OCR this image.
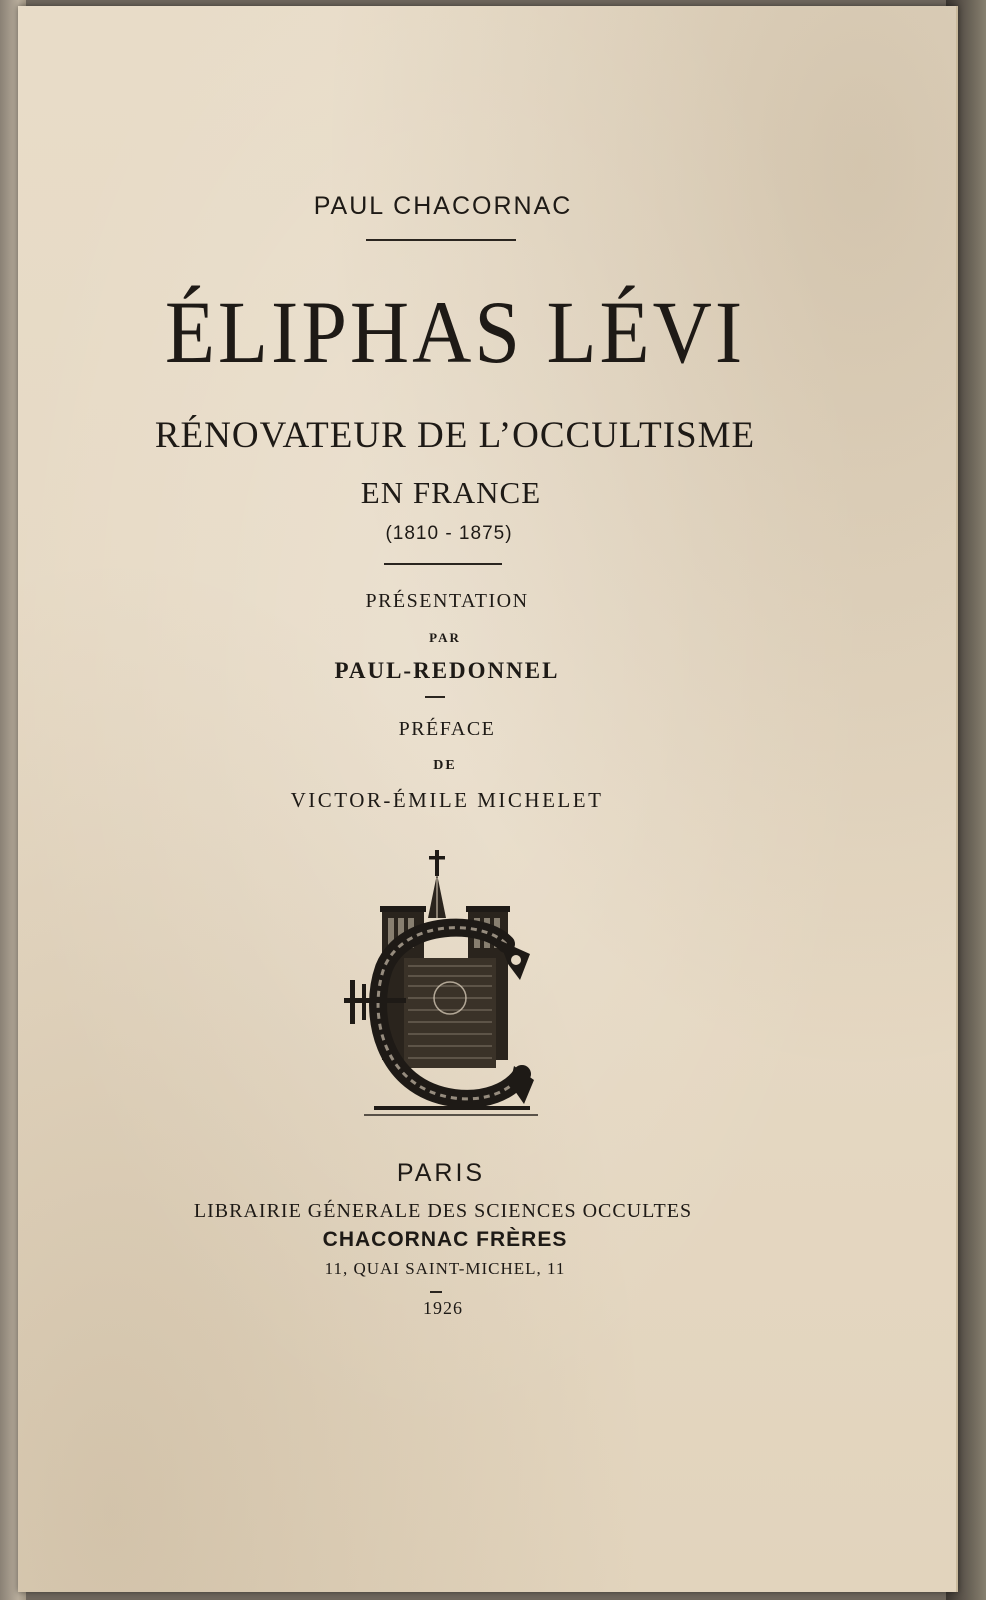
PAUL CHACORNAC
ÉLIPHAS LÉVI
RÉNOVATEUR DE L’OCCULTISME
EN FRANCE
(1810 - 1875)
PRÉSENTATION
PAR
PAUL-REDONNEL
PRÉFACE
DE
VICTOR-ÉMILE MICHELET
PARIS
LIBRAIRIE GÉNERALE DES SCIENCES OCCULTES
CHACORNAC FRÈRES
11, QUAI SAINT-MICHEL, 11
1926
